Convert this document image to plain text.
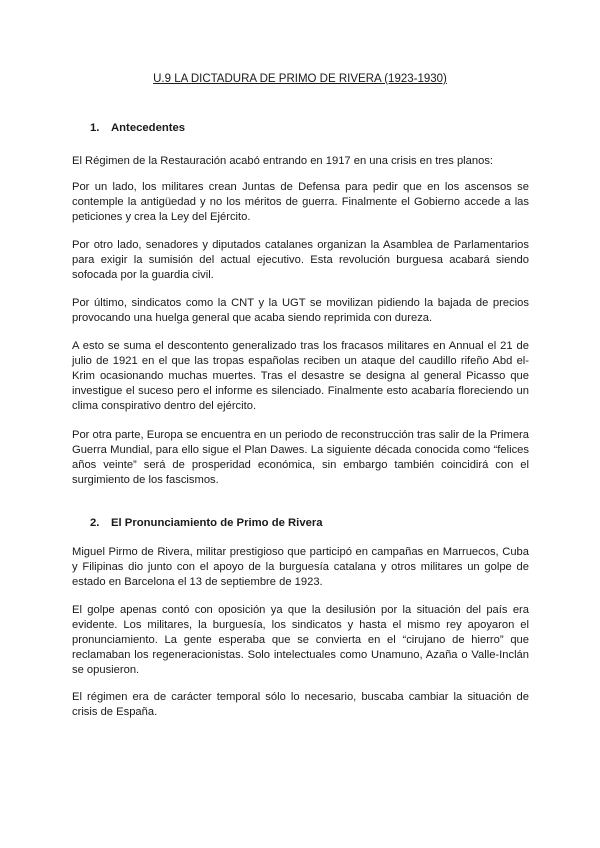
U.9 LA DICTADURA DE PRIMO DE RIVERA (1923-1930)
1. Antecedentes
El Régimen de la Restauración acabó entrando en 1917 en una crisis en tres planos:
Por un lado, los militares crean Juntas de Defensa para pedir que en los ascensos se contemple la antigüedad y no los méritos de guerra. Finalmente el Gobierno accede a las peticiones y crea la Ley del Ejército.
Por otro lado, senadores y diputados catalanes organizan la Asamblea de Parlamentarios para exigir la sumisión del actual ejecutivo. Esta revolución burguesa acabará siendo sofocada por la guardia civil.
Por último, sindicatos como la CNT y la UGT se movilizan pidiendo la bajada de precios provocando una huelga general que acaba siendo reprimida con dureza.
A esto se suma el descontento generalizado tras los fracasos militares en Annual el 21 de julio de 1921 en el que las tropas españolas reciben un ataque del caudillo rifeño Abd el-Krim ocasionando muchas muertes. Tras el desastre se designa al general Picasso que investigue el suceso pero el informe es silenciado. Finalmente esto acabaría floreciendo un clima conspirativo dentro del ejército.
Por otra parte, Europa se encuentra en un periodo de reconstrucción tras salir de la Primera Guerra Mundial, para ello sigue el Plan Dawes. La siguiente década conocida como “felices años veinte” será de prosperidad económica, sin embargo también coincidirá con el surgimiento de los fascismos.
2. El Pronunciamiento de Primo de Rivera
Miguel Pirmo de Rivera, militar prestigioso que participó en campañas en Marruecos, Cuba y Filipinas dio junto con el apoyo de la burguesía catalana y otros militares un golpe de estado en Barcelona el 13 de septiembre de 1923.
El golpe apenas contó con oposición ya que la desilusión por la situación del país era evidente. Los militares, la burguesía, los sindicatos y hasta el mismo rey apoyaron el pronunciamiento. La gente esperaba que se convierta en el “cirujano de hierro” que reclamaban los regeneracionistas. Solo intelectuales como Unamuno, Azaña o Valle-Inclán se opusieron.
El régimen era de carácter temporal sólo lo necesario, buscaba cambiar la situación de crisis de España.
